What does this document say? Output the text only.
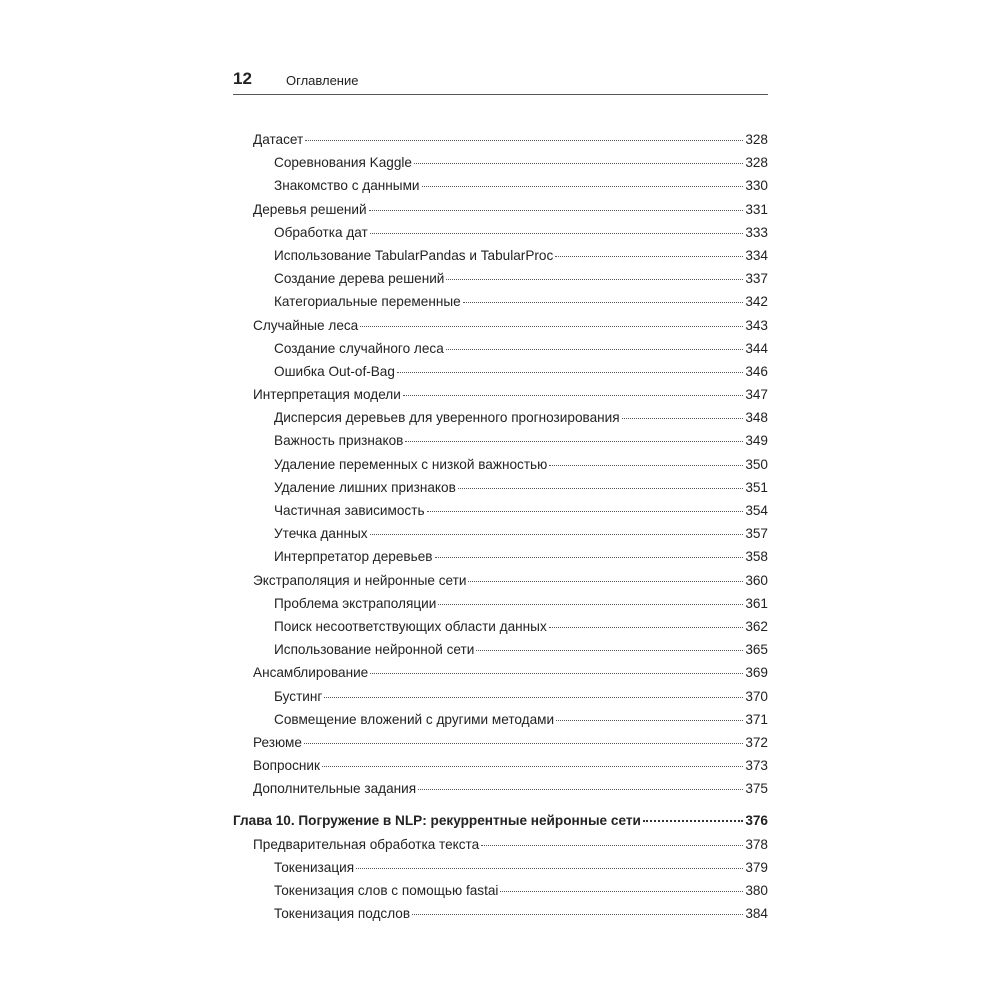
12	Оглавление
Датасет	328
Соревнования Kaggle	328
Знакомство с данными	330
Деревья решений	331
Обработка дат	333
Использование TabularPandas и TabularProc	334
Создание дерева решений	337
Категориальные переменные	342
Случайные леса	343
Создание случайного леса	344
Ошибка Out-of-Bag	346
Интерпретация модели	347
Дисперсия деревьев для уверенного прогнозирования	348
Важность признаков	349
Удаление переменных с низкой важностью	350
Удаление лишних признаков	351
Частичная зависимость	354
Утечка данных	357
Интерпретатор деревьев	358
Экстраполяция и нейронные сети	360
Проблема экстраполяции	361
Поиск несоответствующих области данных	362
Использование нейронной сети	365
Ансамблирование	369
Бустинг	370
Совмещение вложений с другими методами	371
Резюме	372
Вопросник	373
Дополнительные задания	375
Глава 10. Погружение в NLP: рекуррентные нейронные сети	376
Предварительная обработка текста	378
Токенизация	379
Токенизация слов с помощью fastai	380
Токенизация подслов	384
